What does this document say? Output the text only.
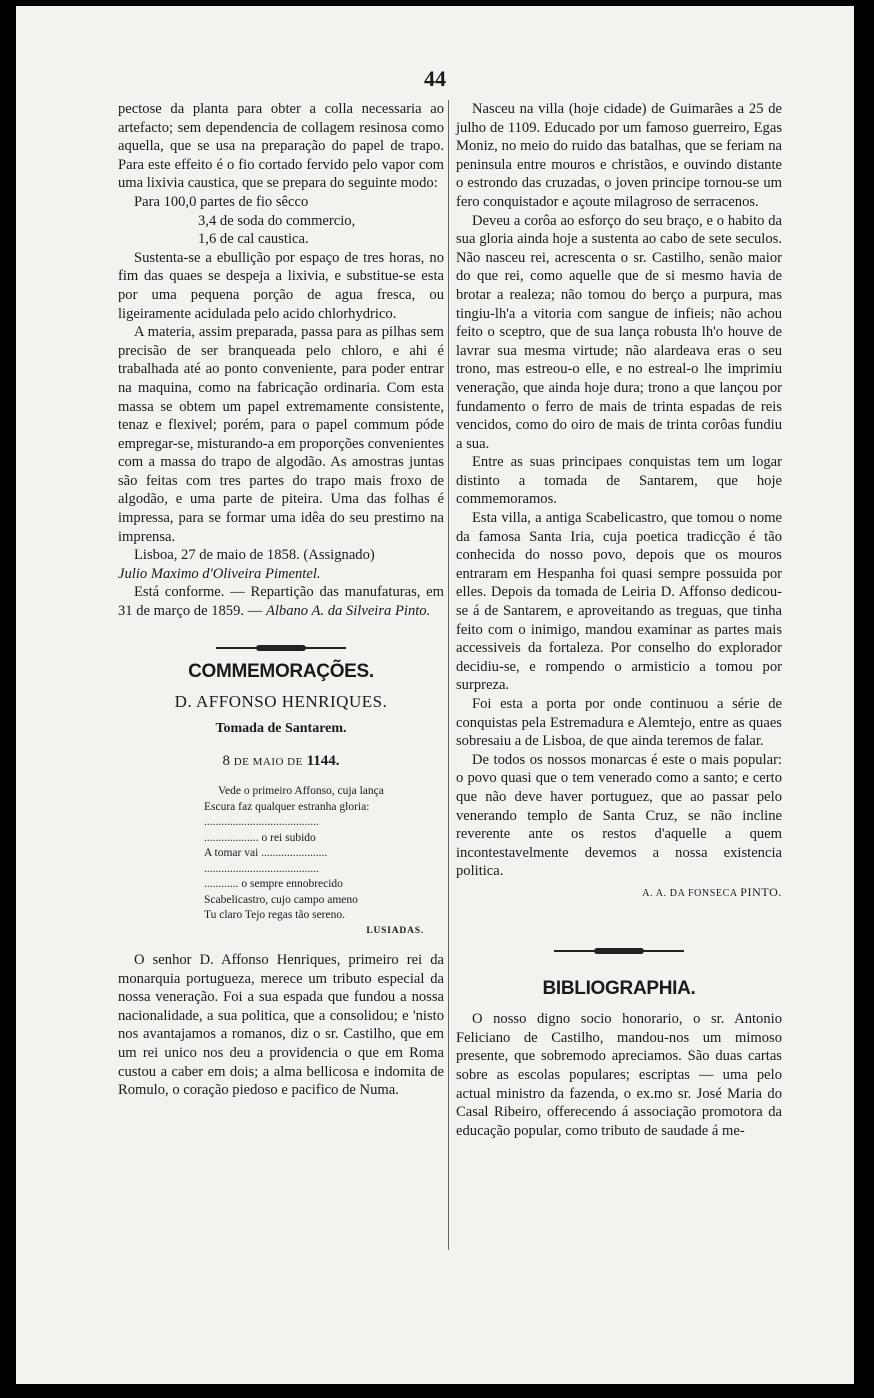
44

pectose da planta para obter a colla necessaria ao artefacto; sem dependencia de collagem resinosa como aquella, que se usa na preparação do papel de trapo. Para este effeito é o fio cortado fervido pelo vapor com uma lixivia caustica, que se prepara do seguinte modo:

Para 100,0 partes de fio sêcco
3,4 de soda do commercio,
1,6 de cal caustica.

Sustenta-se a ebullição por espaço de tres horas, no fim das quaes se despeja a lixivia, e substitue-se esta por uma pequena porção de agua fresca, ou ligeiramente acidulada pelo acido chlorhydrico.

A materia, assim preparada, passa para as pilhas sem precisão de ser branqueada pelo chloro, e ahi é trabalhada até ao ponto conveniente, para poder entrar na maquina, como na fabricação ordinaria. Com esta massa se obtem um papel extremamente consistente, tenaz e flexivel; porém, para o papel commum póde empregar-se, misturando-a em proporções convenientes com a massa do trapo de algodão. As amostras juntas são feitas com tres partes do trapo mais froxo de algodão, e uma parte de piteira. Uma das folhas é impressa, para se formar uma idêa do seu prestimo na imprensa.

Lisboa, 27 de maio de 1858. (Assignado)

Julio Maximo d'Oliveira Pimentel.

Está conforme. — Repartição das manufaturas, em 31 de março de 1859. — Albano A. da Silveira Pinto.

COMMEMORAÇÕES.
D. AFFONSO HENRIQUES.
Tomada de Santarem.
8 DE MAIO DE 1144.
Vede o primeiro Affonso, cuja lança
Escura faz qualquer estranha gloria:
........................................
................... o rei subido
A tomar vai .......................
........................................
............ o sempre ennobrecido
Scabelicastro, cujo campo ameno
Tu claro Tejo regas tão sereno.
LUSIADAS.

O senhor D. Affonso Henriques, primeiro rei da monarquia portugueza, merece um tributo especial da nossa veneração. Foi a sua espada que fundou a nossa nacionalidade, a sua politica, que a consolidou; e 'nisto nos avantajamos a romanos, diz o sr. Castilho, que em um rei unico nos deu a providencia o que em Roma custou a caber em dois; a alma bellicosa e indomita de Romulo, o coração piedoso e pacifico de Numa.

Nasceu na villa (hoje cidade) de Guimarães a 25 de julho de 1109. Educado por um famoso guerreiro, Egas Moniz, no meio do ruido das batalhas, que se feriam na peninsula entre mouros e christãos, e ouvindo distante o estrondo das cruzadas, o joven principe tornou-se um fero conquistador e açoute milagroso de serracenos.

Deveu a corôa ao esforço do seu braço, e o habito da sua gloria ainda hoje a sustenta ao cabo de sete seculos. Não nasceu rei, acrescenta o sr. Castilho, senão maior do que rei, como aquelle que de si mesmo havia de brotar a realeza; não tomou do berço a purpura, mas tingiu-lh'a a vitoria com sangue de infieis; não achou feito o sceptro, que de sua lança robusta lh'o houve de lavrar sua mesma virtude; não alardeava eras o seu trono, mas estreou-o elle, e no estreal-o lhe imprimiu veneração, que ainda hoje dura; trono a que lançou por fundamento o ferro de mais de trinta espadas de reis vencidos, como do oiro de mais de trinta corôas fundiu a sua.

Entre as suas principaes conquistas tem um logar distinto a tomada de Santarem, que hoje commemoramos.

Esta villa, a antiga Scabelicastro, que tomou o nome da famosa Santa Iria, cuja poetica tradicção é tão conhecida do nosso povo, depois que os mouros entraram em Hespanha foi quasi sempre possuida por elles. Depois da tomada de Leiria D. Affonso dedicou-se á de Santarem, e aproveitando as treguas, que tinha feito com o inimigo, mandou examinar as partes mais accessiveis da fortaleza. Por conselho do explorador decidiu-se, e rompendo o armisticio a tomou por surpreza.

Foi esta a porta por onde continuou a série de conquistas pela Estremadura e Alemtejo, entre as quaes sobresaiu a de Lisboa, de que ainda teremos de falar.

De todos os nossos monarcas é este o mais popular: o povo quasi que o tem venerado como a santo; e certo que não deve haver portuguez, que ao passar pelo venerando templo de Santa Cruz, se não incline reverente ante os restos d'aquelle a quem incontestavelmente devemos a nossa existencia politica.

A. A. DA FONSECA PINTO.
BIBLIOGRAPHIA.

O nosso digno socio honorario, o sr. Antonio Feliciano de Castilho, mandou-nos um mimoso presente, que sobremodo apreciamos. São duas cartas sobre as escolas populares; escriptas — uma pelo actual ministro da fazenda, o ex.mo sr. José Maria do Casal Ribeiro, offerecendo á associação promotora da educação popular, como tributo de saudade á me-
